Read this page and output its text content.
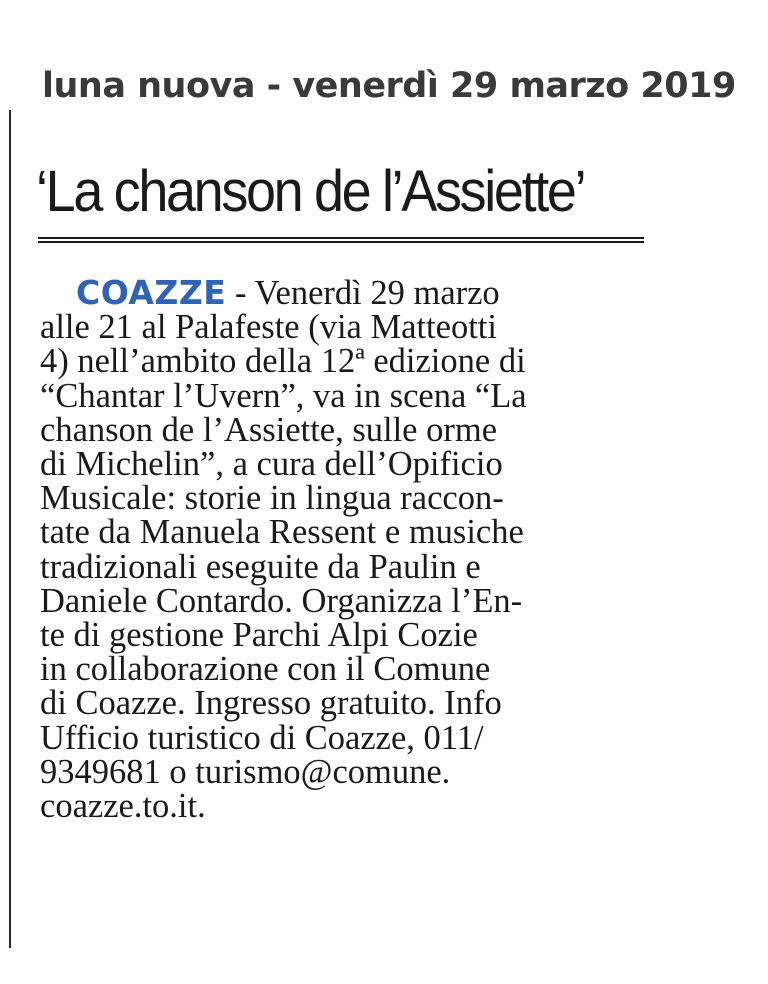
luna nuova - venerdì 29 marzo 2019
‘La chanson de l’Assiette’
COAZZE - Venerdì 29 marzo
alle 21 al Palafeste (via Matteotti
4) nell’ambito della 12ª edizione di
“Chantar l’Uvern”, va in scena “La
chanson de l’Assiette, sulle orme
di Michelin”, a cura dell’Opificio
Musicale: storie in lingua raccon-
tate da Manuela Ressent e musiche
tradizionali eseguite da Paulin e
Daniele Contardo. Organizza l’En-
te di gestione Parchi Alpi Cozie
in collaborazione con il Comune
di Coazze. Ingresso gratuito. Info
Ufficio turistico di Coazze, 011/
9349681 o turismo@comune.
coazze.to.it.
